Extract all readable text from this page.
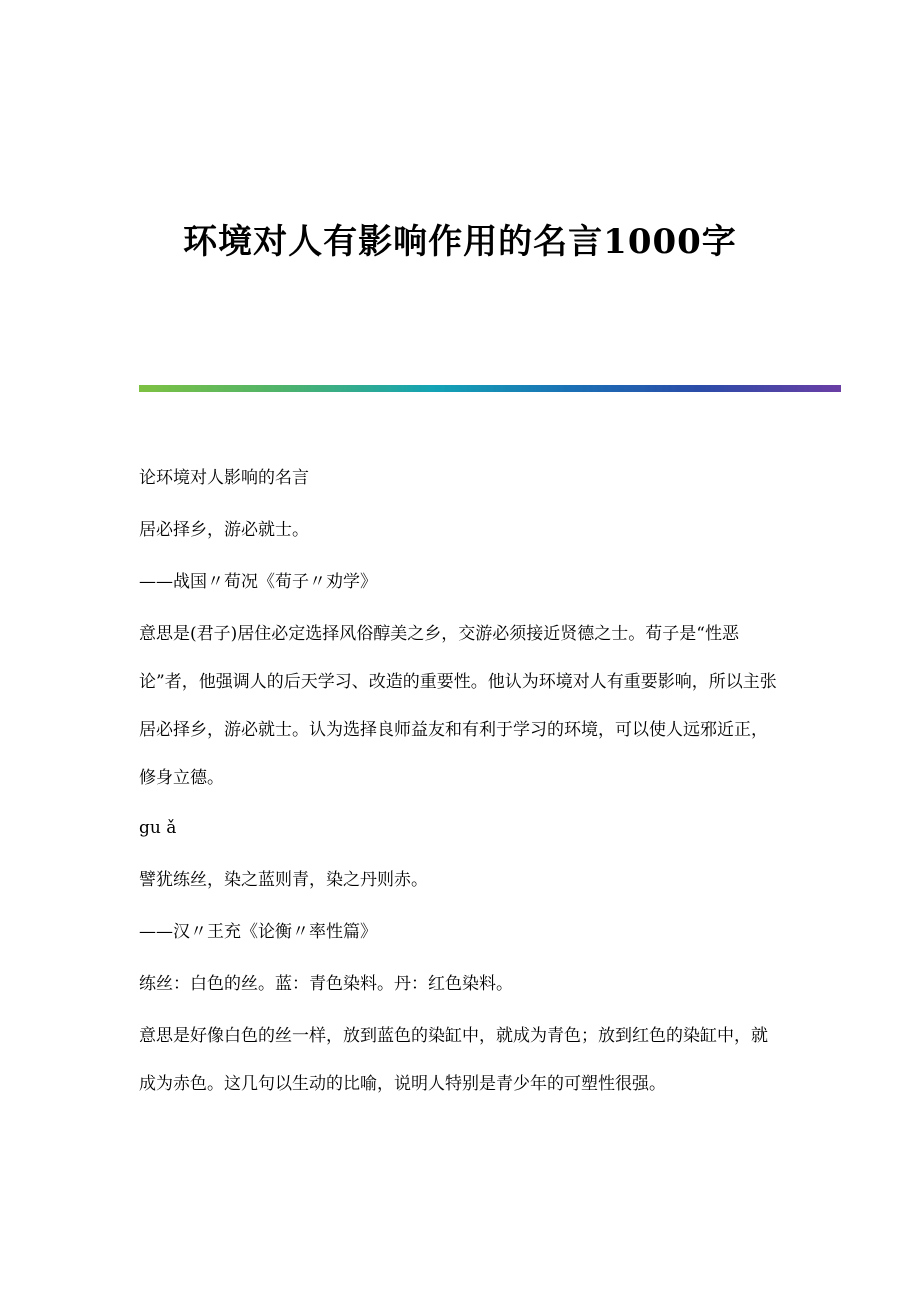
环境对人有影响作用的名言1000字

论环境对人影响的名言

居必择乡，游必就士。

——战国〃荀况《荀子〃劝学》

意思是(君子)居住必定选择风俗醇美之乡，交游必须接近贤德之士。荀子是“性恶论”者，他强调人的后天学习、改造的重要性。他认为环境对人有重要影响，所以主张居必择乡，游必就士。认为选择良师益友和有利于学习的环境，可以使人远邪近正，修身立德。

gu ǎ

譬犹练丝，染之蓝则青，染之丹则赤。

——汉〃王充《论衡〃率性篇》

练丝：白色的丝。蓝：青色染料。丹：红色染料。

意思是好像白色的丝一样，放到蓝色的染缸中，就成为青色；放到红色的染缸中，就成为赤色。这几句以生动的比喻，说明人特别是青少年的可塑性很强。
